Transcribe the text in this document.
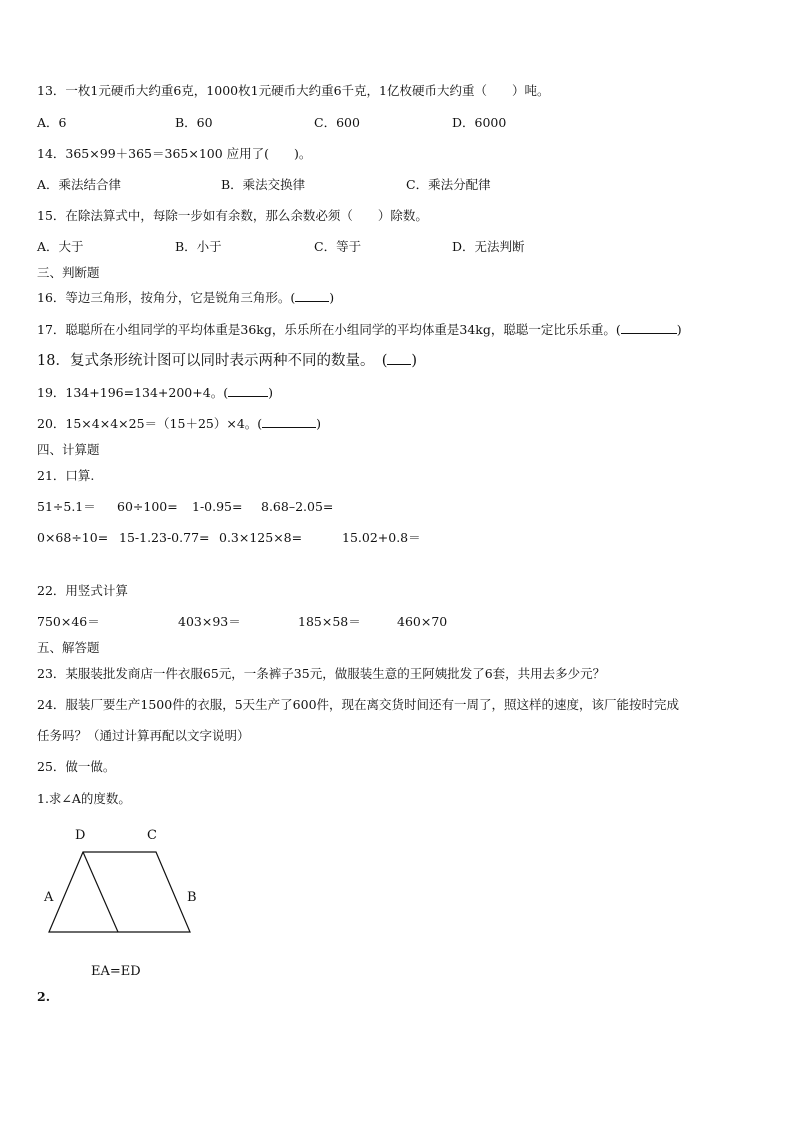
13．一枚1元硬币大约重6克，1000枚1元硬币大约重6千克，1亿枚硬币大约重（　　）吨。

A．6

	B．60

	C．600

	D．6000

14．365×99＋365＝365×100 应用了(　　)。

A．乘法结合律

	B．乘法交换律

	C．乘法分配律

15．在除法算式中，每除一步如有余数，那么余数必须（　　）除数。

A．大于

	B．小于

	C．等于

	D．无法判断

三、判断题
16．等边三角形，按角分，它是锐角三角形。(	)
17．聪聪所在小组同学的平均体重是36kg，乐乐所在小组同学的平均体重是34kg，聪聪一定比乐乐重。(	)
18．复式条形统计图可以同时表示两种不同的数量。　( )
19．134+196=134+200+4。(	)
20．15×4×4×25＝（15＋25）×4。(	)
四、计算题
21．口算.

51÷5.1＝

60÷100=

1-0.95=

8.68–2.05=

0×68÷10=

15-1.23-0.77=

0.3×125×8=

	15.02+0.8＝

22．用竖式计算

750×46＝

	403×93＝

	185×58＝

	460×70

五、解答题
23．某服装批发商店一件衣服65元，一条裤子35元，做服装生意的王阿姨批发了6套，共用去多少元？
24．服装厂要生产1500件的衣服，5天生产了600件，现在离交货时间还有一周了，照这样的速度，该厂能按时完成
任务吗？（通过计算再配以文字说明）
25．做一做。
1.求∠A的度数。
D	C
A	B
EA=ED
2.
